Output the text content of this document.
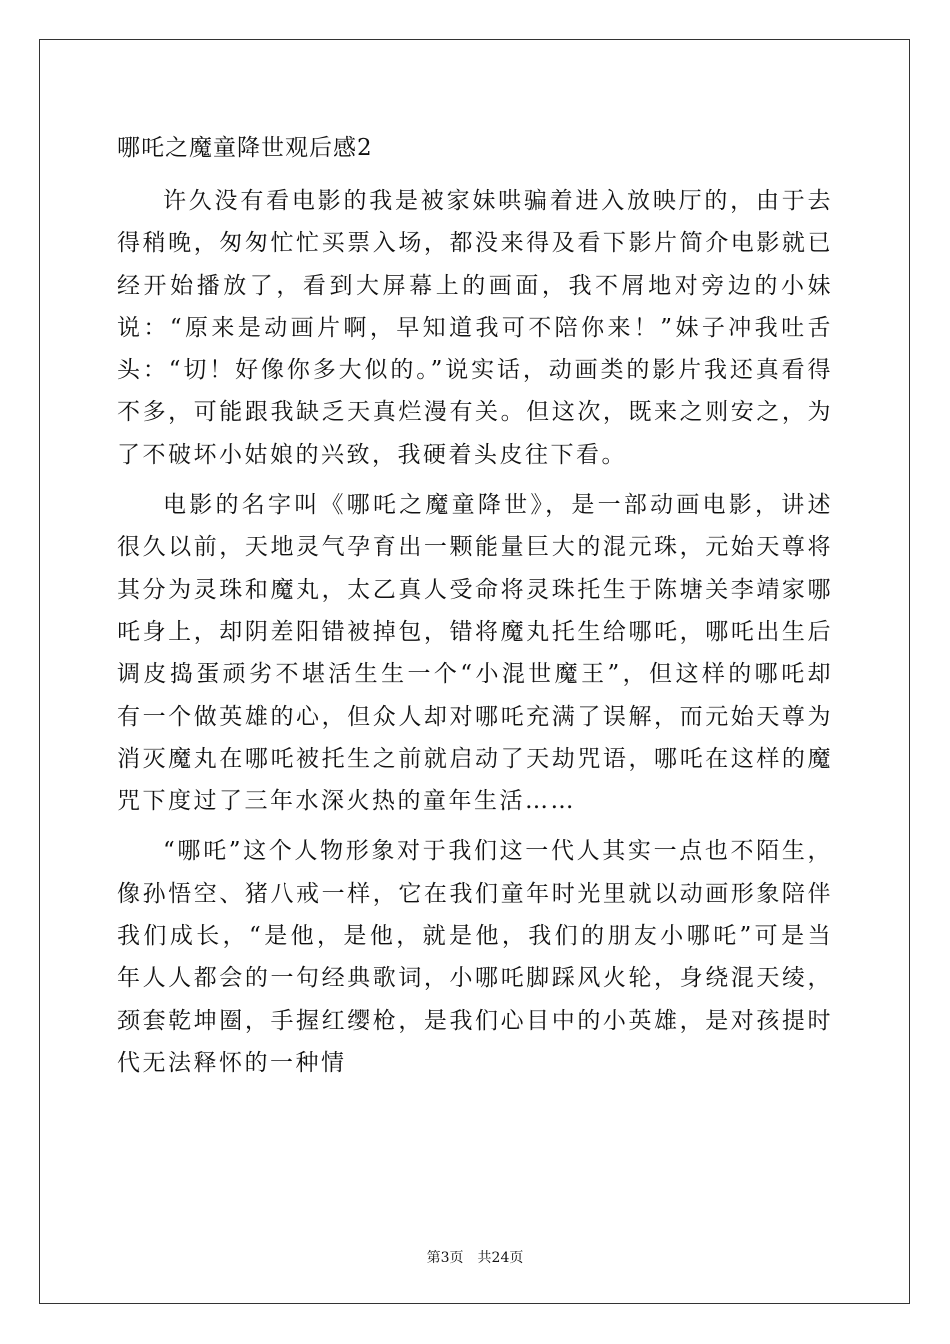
哪吒之魔童降世观后感2

许久没有看电影的我是被家妹哄骗着进入放映厅的，由于去得稍晚，匆匆忙忙买票入场，都没来得及看下影片简介电影就已经开始播放了，看到大屏幕上的画面，我不屑地对旁边的小妹说：“原来是动画片啊，早知道我可不陪你来！”妹子冲我吐舌头：“切！好像你多大似的。”说实话，动画类的影片我还真看得不多，可能跟我缺乏天真烂漫有关。但这次，既来之则安之，为了不破坏小姑娘的兴致，我硬着头皮往下看。

电影的名字叫《哪吒之魔童降世》，是一部动画电影，讲述很久以前，天地灵气孕育出一颗能量巨大的混元珠，元始天尊将其分为灵珠和魔丸，太乙真人受命将灵珠托生于陈塘关李靖家哪吒身上，却阴差阳错被掉包，错将魔丸托生给哪吒，哪吒出生后调皮捣蛋顽劣不堪活生生一个“小混世魔王”，但这样的哪吒却有一个做英雄的心，但众人却对哪吒充满了误解，而元始天尊为消灭魔丸在哪吒被托生之前就启动了天劫咒语，哪吒在这样的魔咒下度过了三年水深火热的童年生活……

“哪吒”这个人物形象对于我们这一代人其实一点也不陌生，像孙悟空、猪八戒一样，它在我们童年时光里就以动画形象陪伴我们成长，“是他，是他，就是他，我们的朋友小哪吒”可是当年人人都会的一句经典歌词，小哪吒脚踩风火轮，身绕混天绫，颈套乾坤圈，手握红缨枪，是我们心目中的小英雄，是对孩提时代无法释怀的一种情

第3页　共24页
